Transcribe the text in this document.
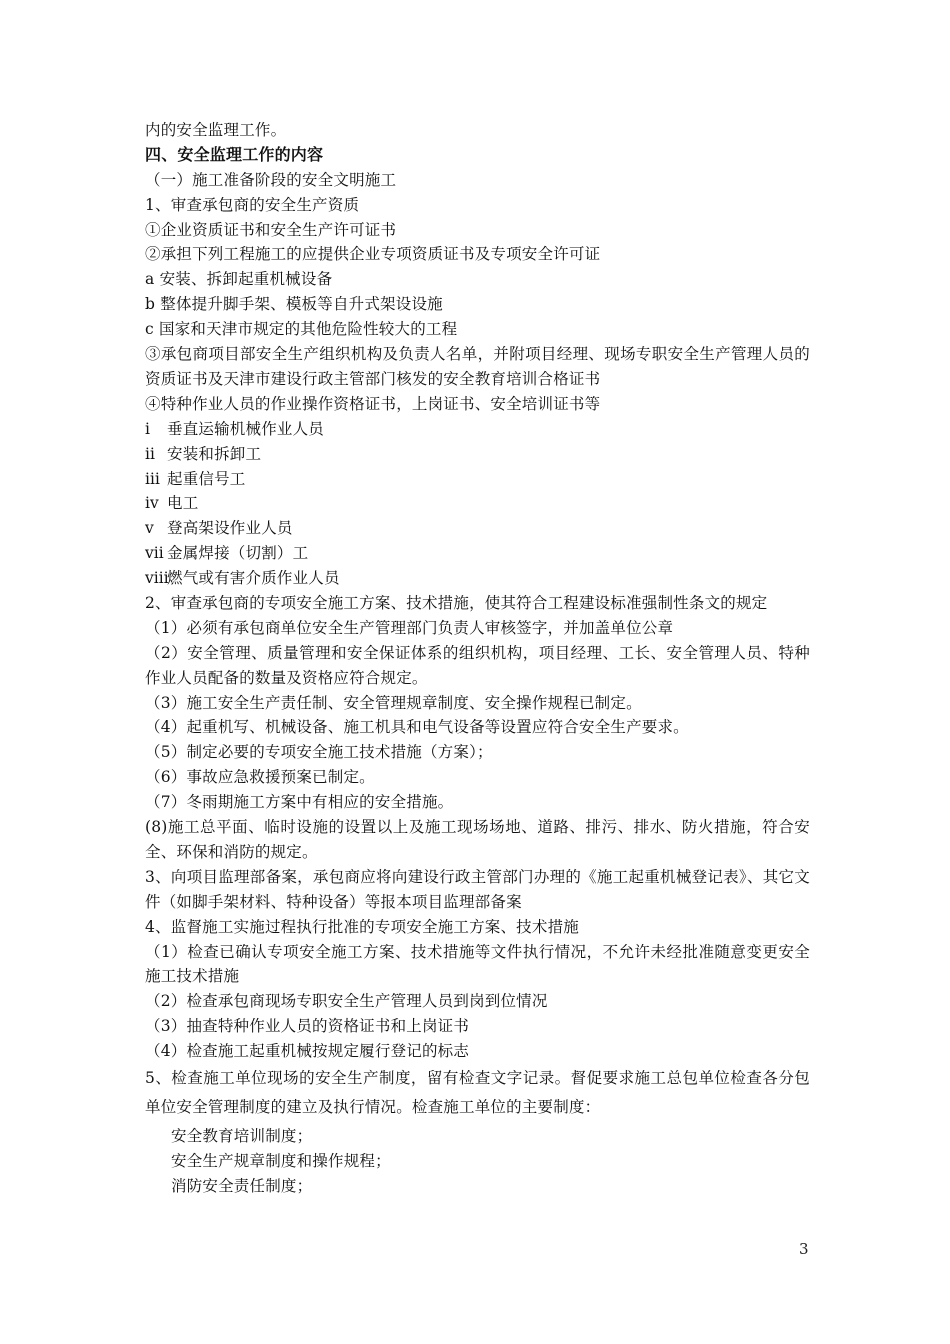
内的安全监理工作。
四、安全监理工作的内容
（一）施工准备阶段的安全文明施工
1、审查承包商的安全生产资质
①企业资质证书和安全生产许可证书
②承担下列工程施工的应提供企业专项资质证书及专项安全许可证
a 安装、拆卸起重机械设备
b 整体提升脚手架、模板等自升式架设设施
c 国家和天津市规定的其他危险性较大的工程
③承包商项目部安全生产组织机构及负责人名单，并附项目经理、现场专职安全生产管理人员的资质证书及天津市建设行政主管部门核发的安全教育培训合格证书
④特种作业人员的作业操作资格证书，上岗证书、安全培训证书等
ⅰ 垂直运输机械作业人员
ⅱ 安装和拆卸工
ⅲ 起重信号工
ⅳ 电工
ⅴ 登高架设作业人员
ⅶ 金属焊接（切割）工
ⅷ燃气或有害介质作业人员
2、审查承包商的专项安全施工方案、技术措施，使其符合工程建设标准强制性条文的规定
（1）必须有承包商单位安全生产管理部门负责人审核签字，并加盖单位公章
（2）安全管理、质量管理和安全保证体系的组织机构，项目经理、工长、安全管理人员、特种作业人员配备的数量及资格应符合规定。
（3）施工安全生产责任制、安全管理规章制度、安全操作规程已制定。
（4）起重机写、机械设备、施工机具和电气设备等设置应符合安全生产要求。
（5）制定必要的专项安全施工技术措施（方案）；
（6）事故应急救援预案已制定。
（7）冬雨期施工方案中有相应的安全措施。
(8)施工总平面、临时设施的设置以上及施工现场场地、道路、排污、排水、防火措施，符合安全、环保和消防的规定。
3、向项目监理部备案，承包商应将向建设行政主管部门办理的《施工起重机械登记表》、其它文件（如脚手架材料、特种设备）等报本项目监理部备案
4、监督施工实施过程执行批准的专项安全施工方案、技术措施
（1）检查已确认专项安全施工方案、技术措施等文件执行情况，不允许未经批准随意变更安全施工技术措施
（2）检查承包商现场专职安全生产管理人员到岗到位情况
（3）抽查特种作业人员的资格证书和上岗证书
（4）检查施工起重机械按规定履行登记的标志
5、检查施工单位现场的安全生产制度，留有检查文字记录。督促要求施工总包单位检查各分包单位安全管理制度的建立及执行情况。检查施工单位的主要制度：
安全教育培训制度；
安全生产规章制度和操作规程；
消防安全责任制度；
3
